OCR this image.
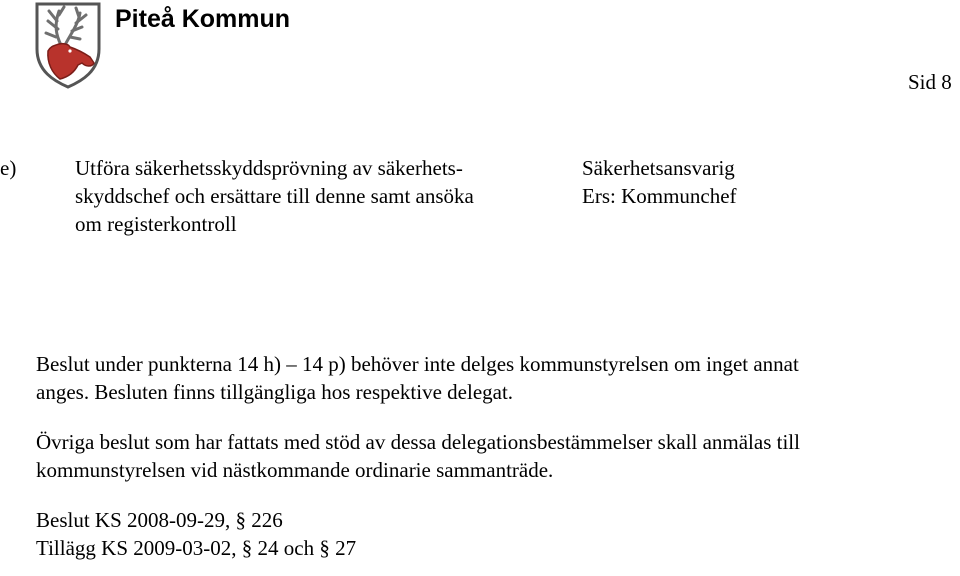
Piteå Kommun
Sid 8
e)	Utföra säkerhetsskyddsprövning av säkerhets-
skyddschef och ersättare till denne samt ansöka
om registerkontroll
Säkerhetsansvarig
Ers: Kommunchef
Beslut under punkterna 14 h) – 14 p) behöver inte delges kommunstyrelsen om inget annat
anges. Besluten finns tillgängliga hos respektive delegat.
Övriga beslut som har fattats med stöd av dessa delegationsbestämmelser skall anmälas till
kommunstyrelsen vid nästkommande ordinarie sammanträde.
Beslut KS 2008-09-29, § 226
Tillägg KS 2009-03-02, § 24 och § 27
